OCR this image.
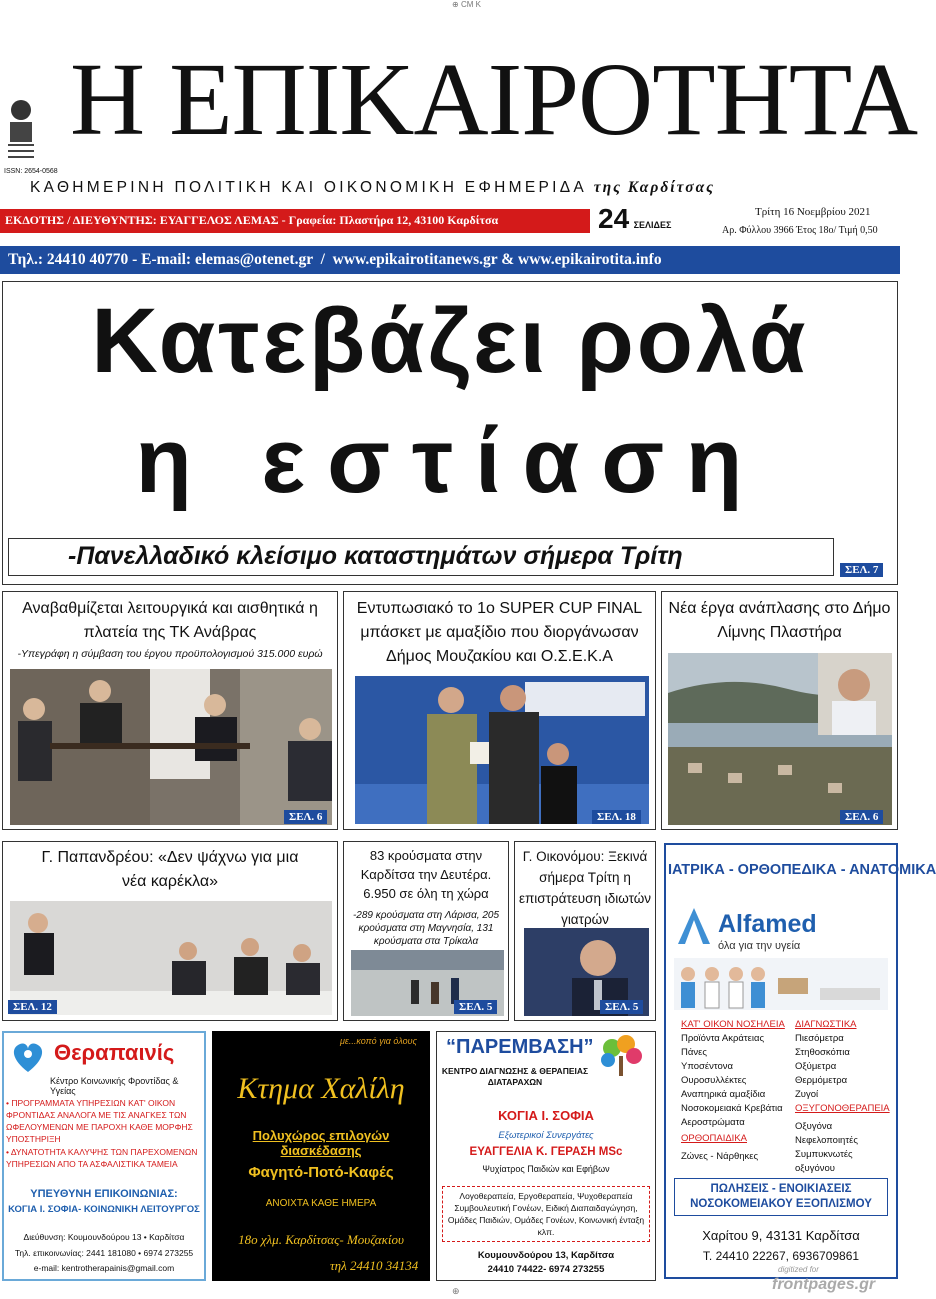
⊕ CM K
ISSN: 2654-0568
Η ΕΠΙΚΑΙΡΟΤΗΤΑ
ΚΑΘΗΜΕΡΙΝΗ ΠΟΛΙΤΙΚΗ ΚΑΙ ΟΙΚΟΝΟΜΙΚΗ ΕΦΗΜΕΡΙΔΑ της Καρδίτσας
ΕΚΔΟΤΗΣ / ΔΙΕΥΘΥΝΤΗΣ: ΕΥΑΓΓΕΛΟΣ ΛΕΜΑΣ - Γραφεία: Πλαστήρα 12, 43100 Καρδίτσα	24 ΣΕΛΙΔΕΣ
Τρίτη 16 Νοεμβρίου 2021
Αρ. Φύλλου 3966 Έτος 18ο/ Τιμή 0,50
Τηλ.: 24410 40770 - E-mail: elemas@otenet.gr  /  www.epikairotitanews.gr & www.epikairotita.info
Κατεβάζει ρολά
η εστίαση
-Πανελλαδικό κλείσιμο καταστημάτων σήμερα Τρίτη	ΣΕΛ. 7
Αναβαθμίζεται λειτουργικά και αισθητικά η πλατεία της ΤΚ Ανάβρας
-Υπεγράφη η σύμβαση του έργου προϋπολογισμού 315.000 ευρώ
ΣΕΛ. 6
Εντυπωσιακό το 1ο SUPER CUP FINAL μπάσκετ με αμαξίδιο που διοργάνωσαν Δήμος Μουζακίου και Ο.Σ.Ε.Κ.Α
ΣΕΛ. 18
Νέα έργα ανάπλασης στο Δήμο Λίμνης Πλαστήρα
ΣΕΛ. 6
Γ. Παπανδρέου: «Δεν ψάχνω για μια νέα καρέκλα»
ΣΕΛ. 12
83 κρούσματα στην Καρδίτσα την Δευτέρα. 6.950 σε όλη τη χώρα
-289 κρούσματα στη Λάρισα, 205 κρούσματα στη Μαγνησία, 131 κρούσματα στα Τρίκαλα
ΣΕΛ. 5
Γ. Οικονόμου: Ξεκινά σήμερα Τρίτη η επιστράτευση ιδιωτών γιατρών
ΣΕΛ. 5
ΙΑΤΡΙΚΑ - ΟΡΘΟΠΕΔΙΚΑ - ΑΝΑΤΟΜΙΚΑ
Alfamed
όλα για την υγεία
ΚΑΤ' ΟΙΚΟΝ ΝΟΣΗΛΕΙΑ
Προϊόντα Ακράτειας
Πάνες
Υποσέντονα
Ουροσυλλέκτες
Αναπηρικά αμαξίδια
Νοσοκομειακά Κρεβάτια
Αεροστρώματα
ΟΡΘΟΠΑΙΔΙΚΑ
Ζώνες - Νάρθηκες
ΔΙΑΓΝΩΣΤΙΚΑ
Πιεσόμετρα
Στηθοσκόπια
Οξύμετρα
Θερμόμετρα
Ζυγοί
ΟΞΥΓΟΝΟΘΕΡΑΠΕΙΑ
Οξυγόνα
Νεφελοποιητές
Συμπυκνωτές οξυγόνου
ΠΩΛΗΣΕΙΣ - ΕΝΟΙΚΙΑΣΕΙΣ
ΝΟΣΟΚΟΜΕΙΑΚΟΥ ΕΞΟΠΛΙΣΜΟΥ
Χαρίτου 9, 43131 Καρδίτσα
Τ. 24410 22267, 6936709861
Θεραπαινίς
Κέντρο Κοινωνικής Φροντίδας & Υγείας
• ΠΡΟΓΡΑΜΜΑΤΑ ΥΠΗΡΕΣΙΩΝ ΚΑΤ' ΟΙΚΟΝ ΦΡΟΝΤΙΔΑΣ ΑΝΑΛΟΓΑ ΜΕ ΤΙΣ ΑΝΑΓΚΕΣ ΤΩΝ ΩΦΕΛΟΥΜΕΝΩΝ ΜΕ ΠΑΡΟΧΗ ΚΑΘΕ ΜΟΡΦΗΣ ΥΠΟΣΤΗΡΙΞΗ
• ΔΥΝΑΤΟΤΗΤΑ ΚΑΛΥΨΗΣ ΤΩΝ ΠΑΡΕΧΟΜΕΝΩΝ ΥΠΗΡΕΣΙΩΝ ΑΠΟ ΤΑ ΑΣΦΑΛΙΣΤΙΚΑ ΤΑΜΕΙΑ
ΥΠΕΥΘΥΝΗ ΕΠΙΚΟΙΝΩΝΙΑΣ:
ΚΟΓΙΑ Ι. ΣΟΦΙΑ- ΚΟΙΝΩΝΙΚΗ ΛΕΙΤΟΥΡΓΟΣ
Διεύθυνση: Κουμουνδούρου 13 • Καρδίτσα
Τηλ. επικοινωνίας: 2441 181080 • 6974 273255
e-mail: kentrotherapainis@gmail.com
με...κοπό για όλους
Κτημα Χαλίλη
Πολυχώρος επιλογών διασκέδασης
Φαγητό-Ποτό-Καφές
ΑΝΟΙΧΤΑ ΚΑΘΕ ΗΜΕΡΑ
18ο χλμ. Καρδίτσας- Μουζακίου
τηλ 24410 34134
“ΠΑΡΕΜΒΑΣΗ”
ΚΕΝΤΡΟ ΔΙΑΓΝΩΣΗΣ & ΘΕΡΑΠΕΙΑΣ ΔΙΑΤΑΡΑΧΩΝ
ΚΟΓΙΑ Ι. ΣΟΦΙΑ
Εξωτερικοί Συνεργάτες
ΕΥΑΓΓΕΛΙΑ Κ. ΓΕΡΑΣΗ MSc
Ψυχίατρος Παιδιών και Εφήβων
Λογοθεραπεία, Εργοθεραπεία, Ψυχοθεραπεία Συμβουλευτική Γονέων, Ειδική Διαπαιδαγώγηση, Ομάδες Παιδιών, Ομάδες Γονέων, Κοινωνική ένταξη κλπ.
Κουμουνδούρου 13, Καρδίτσα
24410 74422- 6974 273255
⊕
digitized for
frontpages.gr
